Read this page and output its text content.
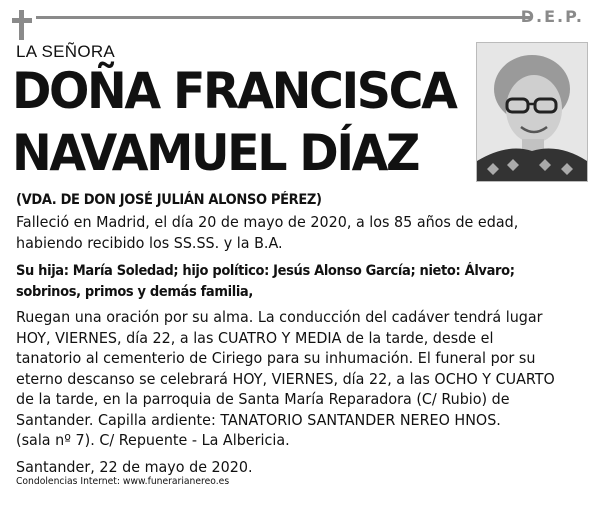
D.E.P.
LA SEÑORA
DOÑA FRANCISCA
NAVAMUEL DÍAZ
(VDA. DE DON JOSÉ JULIÁN ALONSO PÉREZ)
Falleció en Madrid, el día 20 de mayo de 2020, a los 85 años de edad,
habiendo recibido los SS.SS. y la B.A.
Su hija: María Soledad; hijo político: Jesús Alonso García; nieto: Álvaro;
sobrinos, primos y demás familia,
Ruegan una oración por su alma. La conducción del cadáver tendrá lugar
HOY, VIERNES, día 22, a las CUATRO Y MEDIA de la tarde, desde el
tanatorio al cementerio de Ciriego para su inhumación. El funeral por su
eterno descanso se celebrará HOY, VIERNES, día 22, a las OCHO Y CUARTO
de la tarde, en la parroquia de Santa María Reparadora (C/ Rubio) de
Santander. Capilla ardiente: TANATORIO SANTANDER NEREO HNOS.
(sala nº 7). C/ Repuente - La Albericia.
Santander, 22 de mayo de 2020.
Condolencias Internet: www.funerarianereo.es
